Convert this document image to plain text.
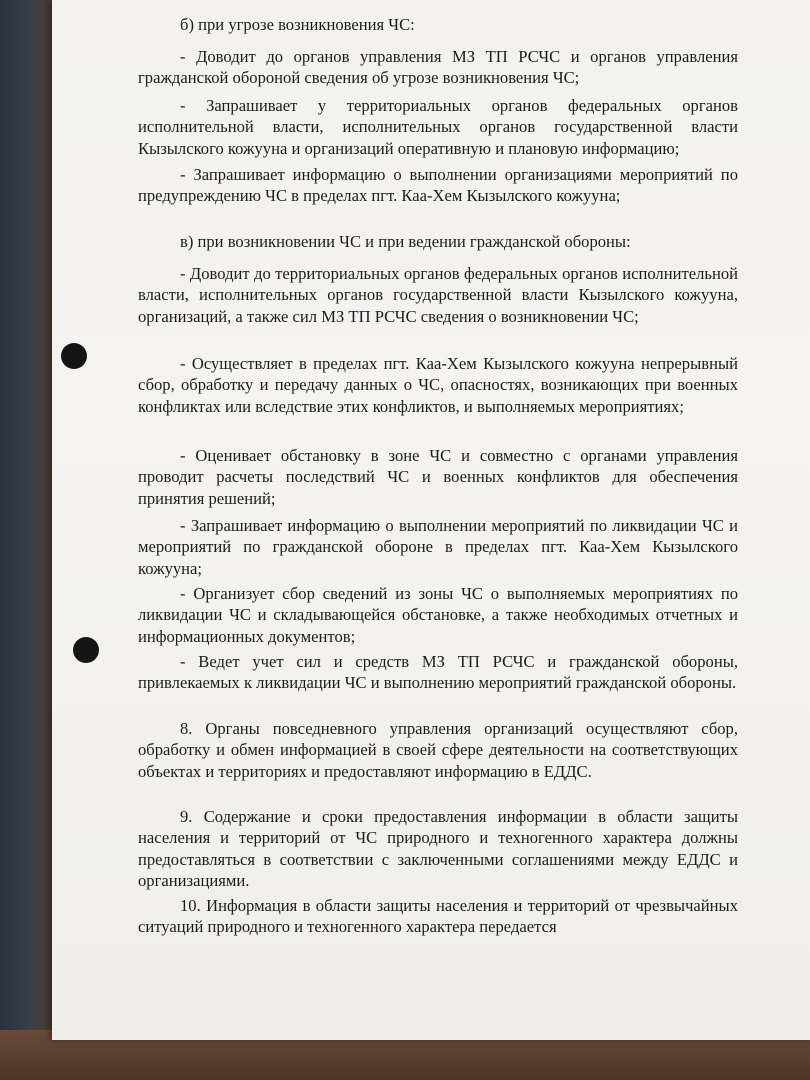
б) при угрозе возникновения ЧС:

- Доводит до органов управления МЗ ТП РСЧС и органов управления гражданской обороной сведения об угрозе возникновения ЧС;

- Запрашивает у территориальных органов федеральных органов исполнительной власти, исполнительных органов государственной власти Кызылского кожууна и организаций оперативную и плановую информацию;

- Запрашивает информацию о выполнении организациями мероприятий по предупреждению ЧС в пределах пгт. Каа-Хем Кызылского кожууна;

в) при возникновении ЧС и при ведении гражданской обороны:

- Доводит до территориальных органов федеральных органов исполнительной власти, исполнительных органов государственной власти Кызылского кожууна, организаций, а также сил МЗ ТП РСЧС сведения о возникновении ЧС;

- Осуществляет в пределах пгт. Каа-Хем Кызылского кожууна непрерывный сбор, обработку и передачу данных о ЧС, опасностях, возникающих при военных конфликтах или вследствие этих конфликтов, и выполняемых мероприятиях;

- Оценивает обстановку в зоне ЧС и совместно с органами управления проводит расчеты последствий ЧС и военных конфликтов для обеспечения принятия решений;

- Запрашивает информацию о выполнении мероприятий по ликвидации ЧС и мероприятий по гражданской обороне в пределах пгт. Каа-Хем Кызылского кожууна;

- Организует сбор сведений из зоны ЧС о выполняемых мероприятиях по ликвидации ЧС и складывающейся обстановке, а также необходимых отчетных и информационных документов;

- Ведет учет сил и средств МЗ ТП РСЧС и гражданской обороны, привлекаемых к ликвидации ЧС и выполнению мероприятий гражданской обороны.

8. Органы повседневного управления организаций осуществляют сбор, обработку и обмен информацией в своей сфере деятельности на соответствующих объектах и территориях и предоставляют информацию в ЕДДС.

9. Содержание и сроки предоставления информации в области защиты населения и территорий от ЧС природного и техногенного характера должны предоставляться в соответствии с заключенными соглашениями между ЕДДС и организациями.

10. Информация в области защиты населения и территорий от чрезвычайных ситуаций природного и техногенного характера передается
